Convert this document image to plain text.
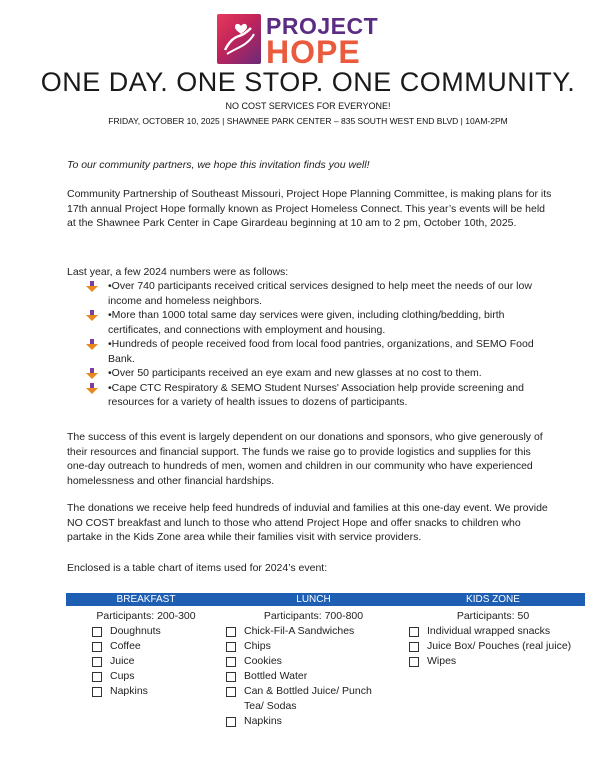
PROJECT
HOPE
ONE DAY. ONE STOP. ONE COMMUNITY.
NO COST SERVICES FOR EVERYONE!
FRIDAY, OCTOBER 10, 2025 | SHAWNEE PARK CENTER – 835 SOUTH WEST END BLVD | 10AM-2PM

To our community partners, we hope this invitation finds you well!

Community Partnership of Southeast Missouri, Project Hope Planning Committee, is making plans for its 17th annual Project Hope formally known as Project Homeless Connect. This year’s events will be held at the Shawnee Park Center in Cape Girardeau beginning at 10 am to 2 pm, October 10th, 2025.

Last year, a few 2024 numbers were as follows:

•Over 740 participants received critical services designed to help meet the needs of our low income and homeless neighbors.
•More than 1000 total same day services were given, including clothing/bedding, birth certificates, and connections with employment and housing.
•Hundreds of people received food from local food pantries, organizations, and SEMO Food Bank.
•Over 50 participants received an eye exam and new glasses at no cost to them.
•Cape CTC Respiratory & SEMO Student Nurses' Association help provide screening and resources for a variety of health issues to dozens of participants.

The success of this event is largely dependent on our donations and sponsors, who give generously of their resources and financial support. The funds we raise go to provide logistics and supplies for this one-day outreach to hundreds of men, women and children in our community who have experienced homelessness and other financial hardships.

The donations we receive help feed hundreds of induvial and families at this one-day event. We provide NO COST breakfast and lunch to those who attend Project Hope and offer snacks to children who partake in the Kids Zone area while their families visit with service providers.

Enclosed is a table chart of items used for 2024’s event:

BREAKFAST	LUNCH	KIDS ZONE
Participants: 200-300
Doughnuts
Coffee
Juice
Cups
Napkins
Participants: 700-800
Chick-Fil-A Sandwiches
Chips
Cookies
Bottled Water
Can & Bottled Juice/ Punch Tea/ Sodas
Napkins
Participants: 50
Individual wrapped snacks
Juice Box/ Pouches (real juice)
Wipes
